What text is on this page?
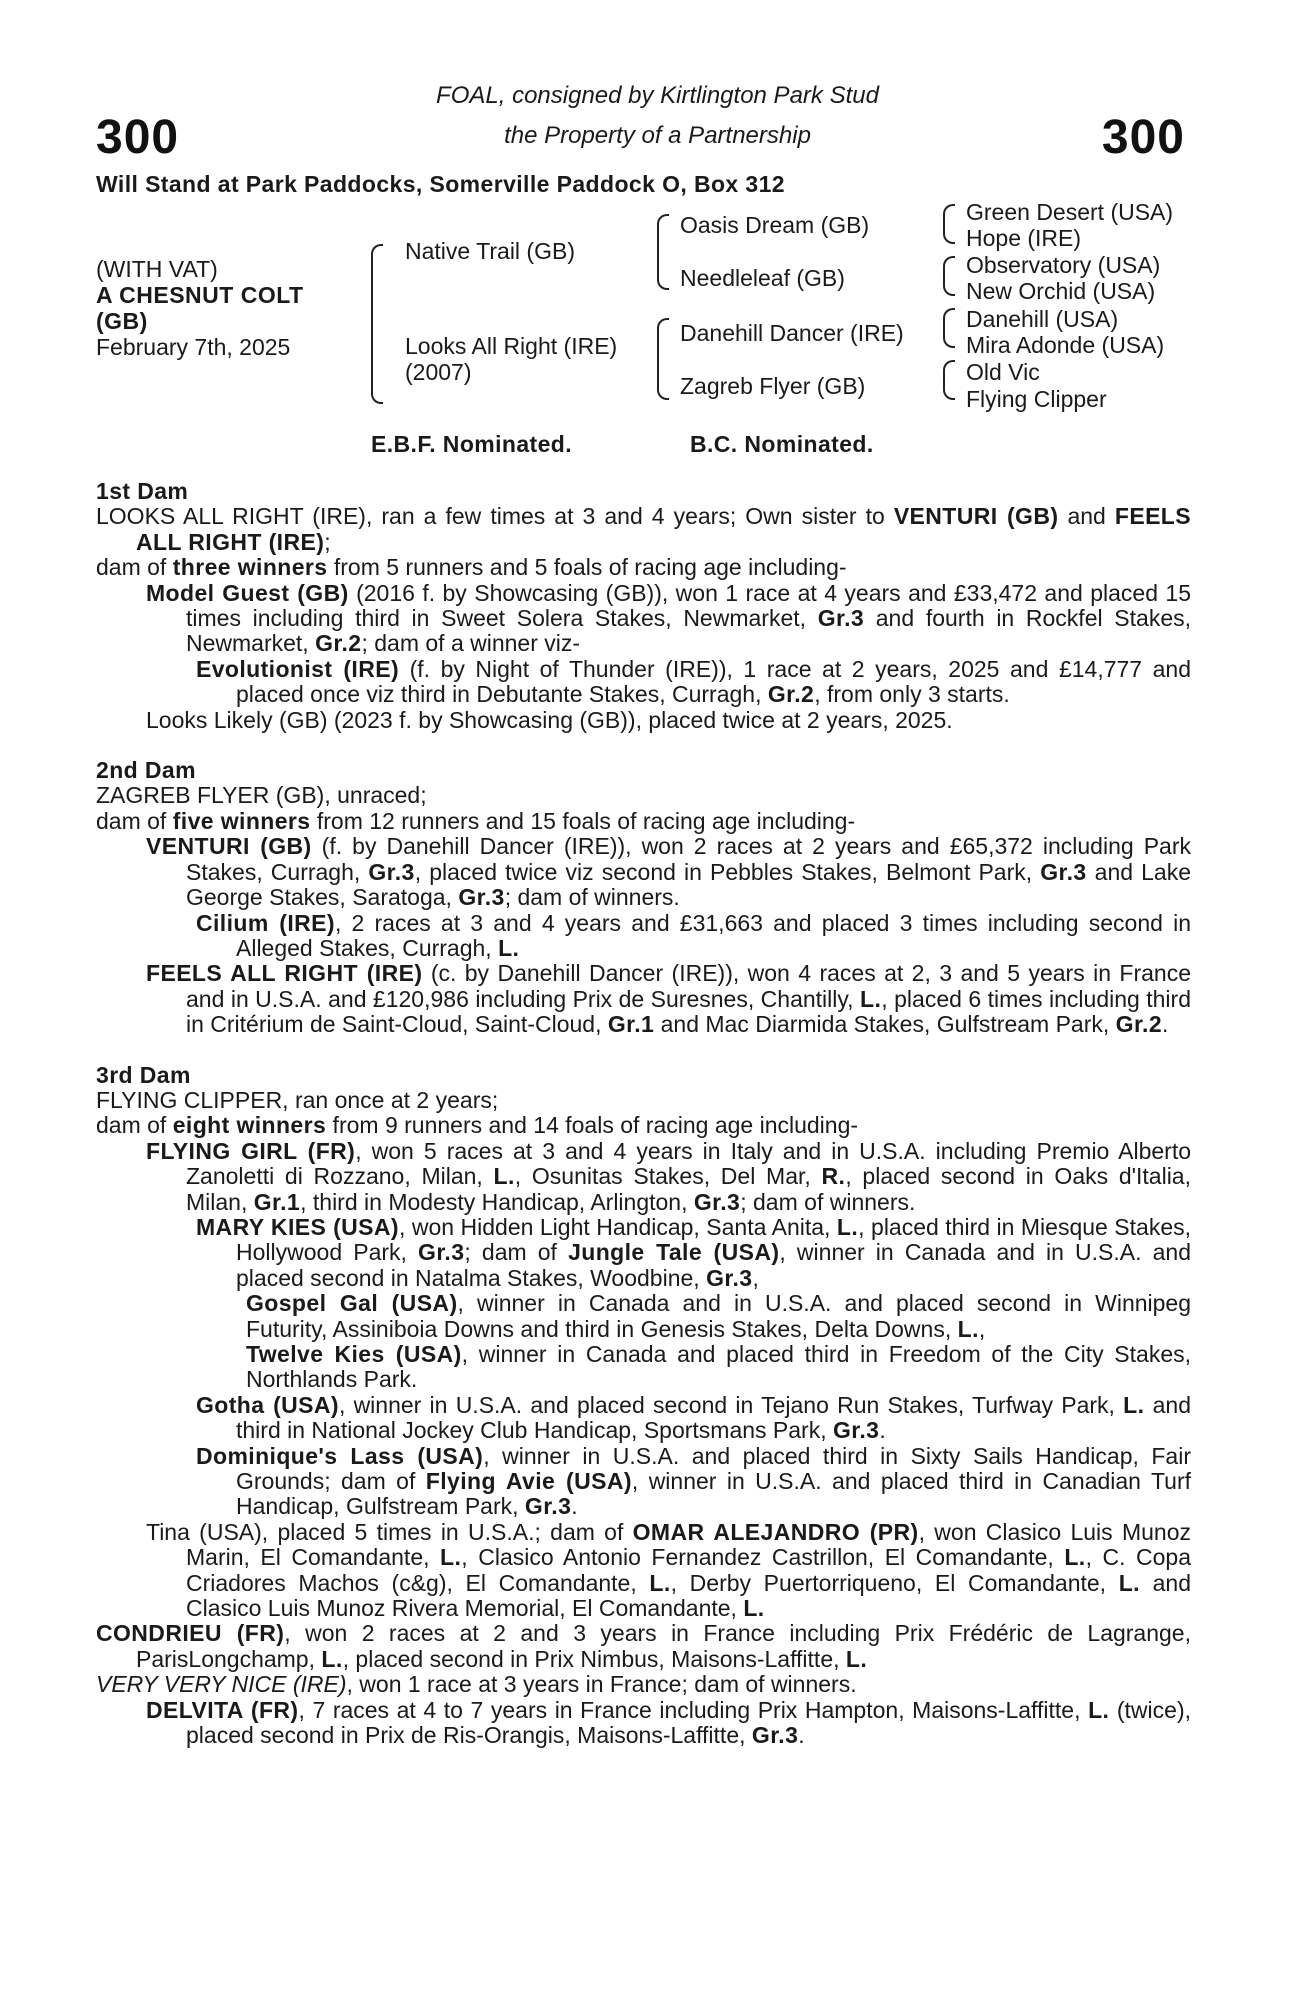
300	300
FOAL, consigned by Kirtlington Park Stud
the Property of a Partnership
Will Stand at Park Paddocks, Somerville Paddock O, Box 312
(WITH VAT)
A CHESNUT COLT
(GB)
February 7th, 2025
Native Trail (GB)
Looks All Right (IRE)
(2007)
Oasis Dream (GB)
Needleleaf (GB)
Danehill Dancer (IRE)
Zagreb Flyer (GB)
Green Desert (USA)
Hope (IRE)
Observatory (USA)
New Orchid (USA)
Danehill (USA)
Mira Adonde (USA)
Old Vic
Flying Clipper
E.B.F. Nominated.	B.C. Nominated.
1st Dam
LOOKS ALL RIGHT (IRE), ran a few times at 3 and 4 years; Own sister to VENTURI (GB) and FEELS ALL RIGHT (IRE);
dam of three winners from 5 runners and 5 foals of racing age including-
Model Guest (GB) (2016 f. by Showcasing (GB)), won 1 race at 4 years and £33,472 and placed 15 times including third in Sweet Solera Stakes, Newmarket, Gr.3 and fourth in Rockfel Stakes, Newmarket, Gr.2; dam of a winner viz-
Evolutionist (IRE) (f. by Night of Thunder (IRE)), 1 race at 2 years, 2025 and £14,777 and placed once viz third in Debutante Stakes, Curragh, Gr.2, from only 3 starts.
Looks Likely (GB) (2023 f. by Showcasing (GB)), placed twice at 2 years, 2025.
2nd Dam
ZAGREB FLYER (GB), unraced;
dam of five winners from 12 runners and 15 foals of racing age including-
VENTURI (GB) (f. by Danehill Dancer (IRE)), won 2 races at 2 years and £65,372 including Park Stakes, Curragh, Gr.3, placed twice viz second in Pebbles Stakes, Belmont Park, Gr.3 and Lake George Stakes, Saratoga, Gr.3; dam of winners.
Cilium (IRE), 2 races at 3 and 4 years and £31,663 and placed 3 times including second in Alleged Stakes, Curragh, L.
FEELS ALL RIGHT (IRE) (c. by Danehill Dancer (IRE)), won 4 races at 2, 3 and 5 years in France and in U.S.A. and £120,986 including Prix de Suresnes, Chantilly, L., placed 6 times including third in Critérium de Saint-Cloud, Saint-Cloud, Gr.1 and Mac Diarmida Stakes, Gulfstream Park, Gr.2.
3rd Dam
FLYING CLIPPER, ran once at 2 years;
dam of eight winners from 9 runners and 14 foals of racing age including-
FLYING GIRL (FR), won 5 races at 3 and 4 years in Italy and in U.S.A. including Premio Alberto Zanoletti di Rozzano, Milan, L., Osunitas Stakes, Del Mar, R., placed second in Oaks d'Italia, Milan, Gr.1, third in Modesty Handicap, Arlington, Gr.3; dam of winners.
MARY KIES (USA), won Hidden Light Handicap, Santa Anita, L., placed third in Miesque Stakes, Hollywood Park, Gr.3; dam of Jungle Tale (USA), winner in Canada and in U.S.A. and placed second in Natalma Stakes, Woodbine, Gr.3,
Gospel Gal (USA), winner in Canada and in U.S.A. and placed second in Winnipeg Futurity, Assiniboia Downs and third in Genesis Stakes, Delta Downs, L.,
Twelve Kies (USA), winner in Canada and placed third in Freedom of the City Stakes, Northlands Park.
Gotha (USA), winner in U.S.A. and placed second in Tejano Run Stakes, Turfway Park, L. and third in National Jockey Club Handicap, Sportsmans Park, Gr.3.
Dominique's Lass (USA), winner in U.S.A. and placed third in Sixty Sails Handicap, Fair Grounds; dam of Flying Avie (USA), winner in U.S.A. and placed third in Canadian Turf Handicap, Gulfstream Park, Gr.3.
Tina (USA), placed 5 times in U.S.A.; dam of OMAR ALEJANDRO (PR), won Clasico Luis Munoz Marin, El Comandante, L., Clasico Antonio Fernandez Castrillon, El Comandante, L., C. Copa Criadores Machos (c&g), El Comandante, L., Derby Puertorriqueno, El Comandante, L. and Clasico Luis Munoz Rivera Memorial, El Comandante, L.
CONDRIEU (FR), won 2 races at 2 and 3 years in France including Prix Frédéric de Lagrange, ParisLongchamp, L., placed second in Prix Nimbus, Maisons-Laffitte, L.
VERY VERY NICE (IRE), won 1 race at 3 years in France; dam of winners.
DELVITA (FR), 7 races at 4 to 7 years in France including Prix Hampton, Maisons-Laffitte, L. (twice), placed second in Prix de Ris-Orangis, Maisons-Laffitte, Gr.3.
